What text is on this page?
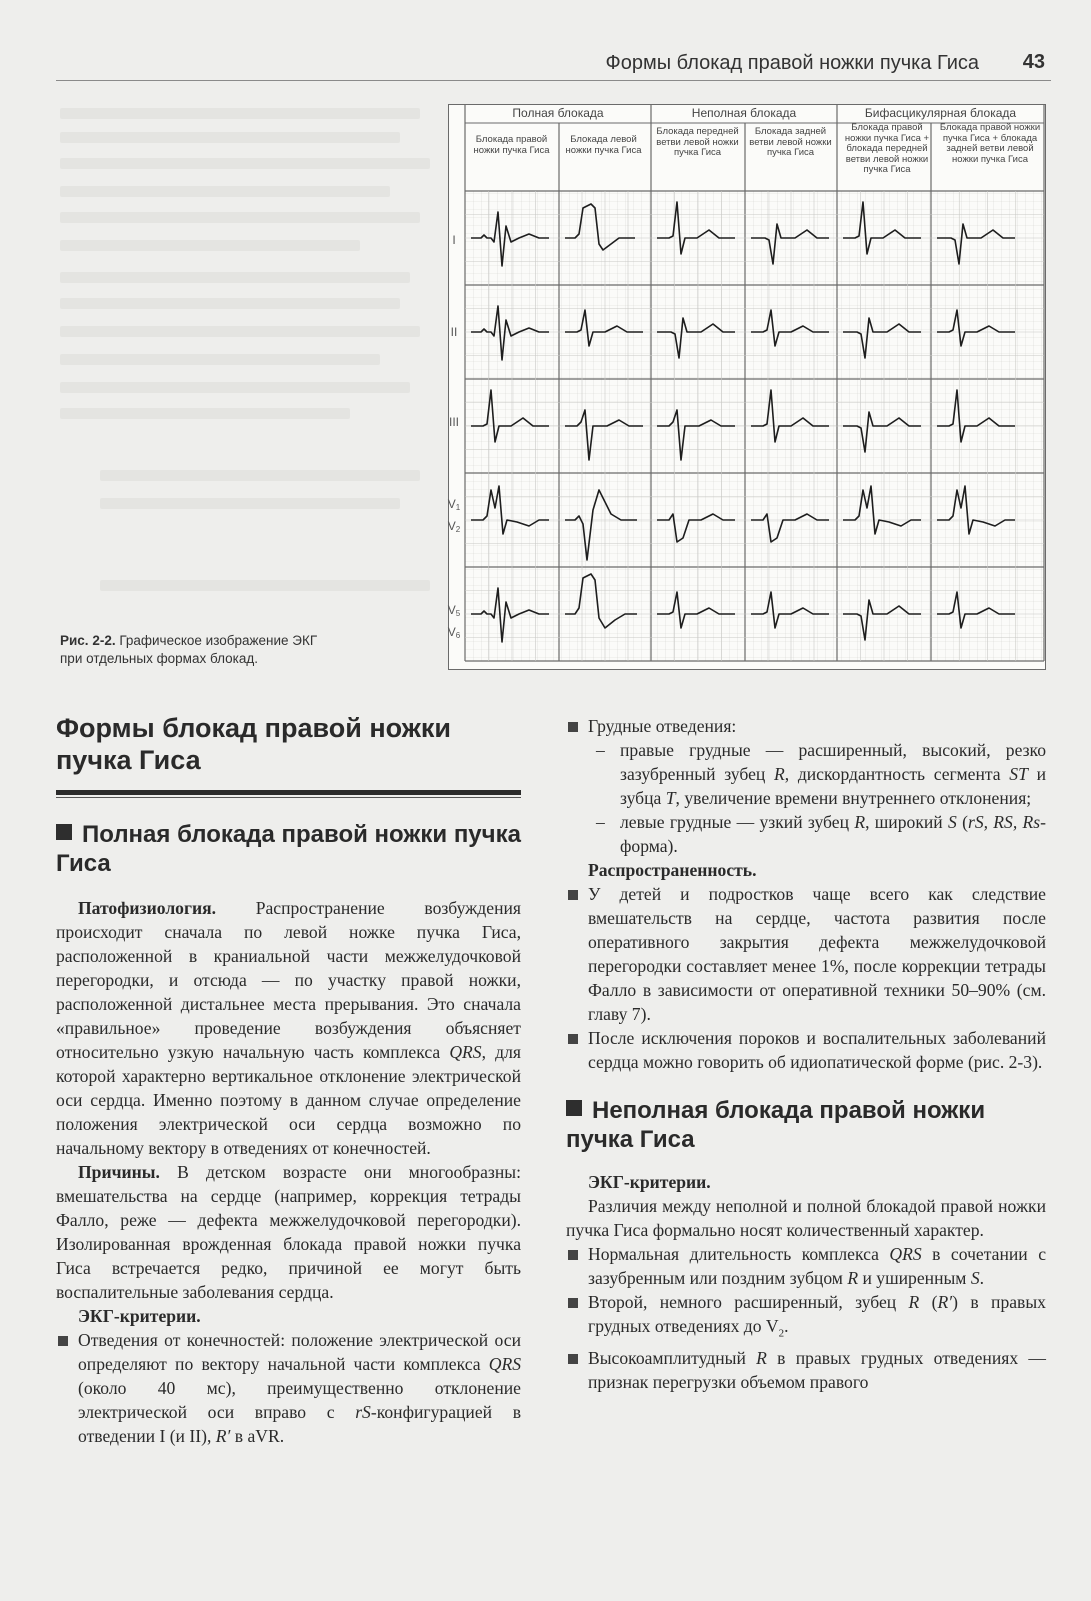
Формы блокад правой ножки пучка Гиса 43
Полная блокада	Неполная блокада	Бифасцикулярная блокада
Блокада правой ножки пучка Гиса
Блокада левой ножки пучка Гиса
Блокада передней ветви левой ножки пучка Гиса
Блокада задней ветви левой ножки пучка Гиса
Блокада правой ножки пучка Гиса + блокада передней ветви левой ножки пучка Гиса
Блокада правой ножки пучка Гиса + блокада задней ветви левой ножки пучка Гиса
I
II
III
V1
V2
V5
V6
Рис. 2-2. Графическое изображение ЭКГ при отдельных формах блокад.
Формы блокад правой ножки пучка Гиса
Полная блокада правой ножки пучка Гиса

Патофизиология. Распространение возбуждения происходит сначала по левой ножке пучка Гиса, расположенной в краниальной части межжелудочковой перегородки, и отсюда — по участку правой ножки, расположенной дистальнее места прерывания. Это сначала «правильное» проведение возбуждения объясняет относительно узкую начальную часть комплекса QRS, для которой характерно вертикальное отклонение электрической оси сердца. Именно поэтому в данном случае определение положения электрической оси сердца возможно по начальному вектору в отведениях от конечностей.

Причины. В детском возрасте они многообразны: вмешательства на сердце (например, коррекция тетрады Фалло, реже — дефекта межжелудочковой перегородки). Изолированная врожденная блокада правой ножки пучка Гиса встречается редко, причиной ее могут быть воспалительные заболевания сердца.

ЭКГ-критерии.

Отведения от конечностей: положение электрической оси определяют по вектору начальной части комплекса QRS (около 40 мс), преимущественно отклонение электрической оси вправо с rS-конфигурацией в отведении I (и II), R′ в aVR.

Грудные отведения:

– правые грудные — расширенный, высокий, резко зазубренный зубец R, дискордантность сегмента ST и зубца T, увеличение времени внутреннего отклонения;

– левые грудные — узкий зубец R, широкий S (rS, RS, Rs-форма).

Распространенность.

У детей и подростков чаще всего как следствие вмешательств на сердце, частота развития после оперативного закрытия дефекта межжелудочковой перегородки составляет менее 1%, после коррекции тетрады Фалло в зависимости от оперативной техники 50–90% (см. главу 7).

После исключения пороков и воспалительных заболеваний сердца можно говорить об идиопатической форме (рис. 2-3).

Неполная блокада правой ножки пучка Гиса

ЭКГ-критерии.

Различия между неполной и полной блокадой правой ножки пучка Гиса формально носят количественный характер.

Нормальная длительность комплекса QRS в сочетании с зазубренным или поздним зубцом R и уширенным S.

Второй, немного расширенный, зубец R (R′) в правых грудных отведениях до $V_2$.

Высокоамплитудный R в правых грудных отведениях — признак перегрузки объемом правого
